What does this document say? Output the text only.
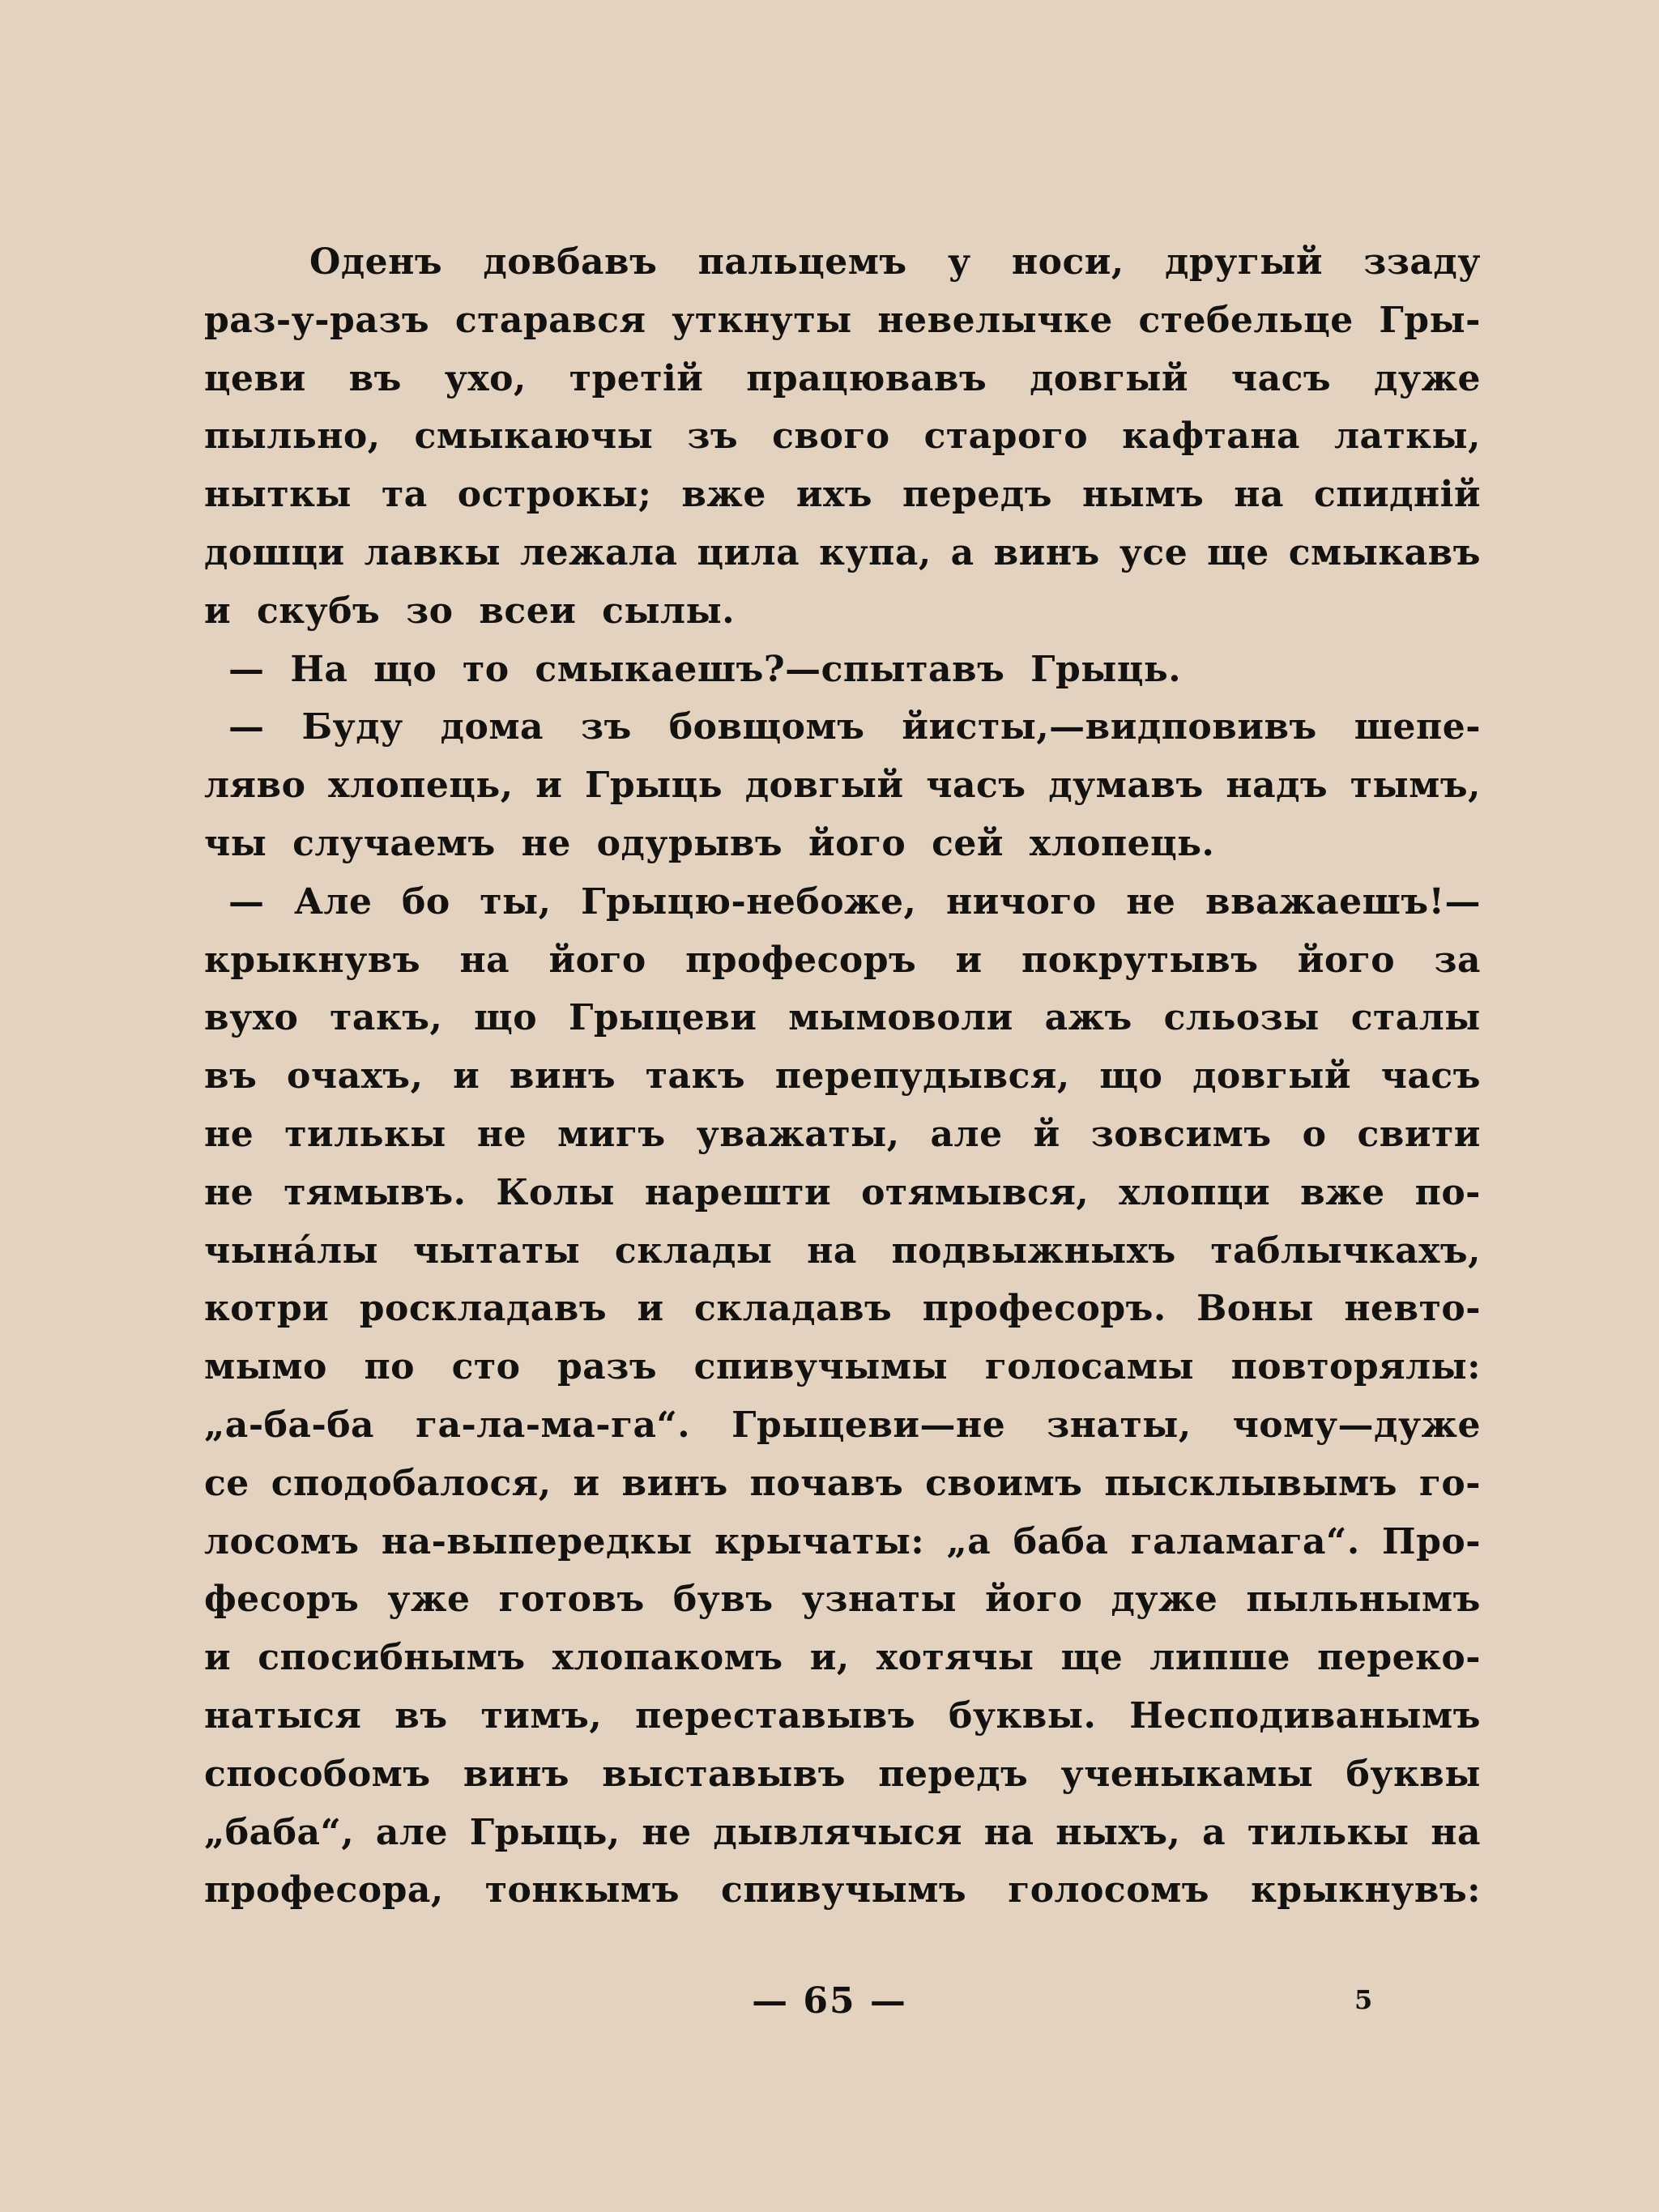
Оденъ довбавъ пальцемъ у носи, другый ззаду
раз-у-разъ старався уткнуты невелычке стебельце Гры-
цеви въ ухо, третій працювавъ довгый часъ дуже
пыльно, смыкаючы зъ свого старого кафтана латкы,
ныткы та острокы; вже ихъ передъ нымъ на спидній
дошци лавкы лежала цила купа, а винъ усе ще смыкавъ
и скубъ зо всеи сылы.
— На що то смыкаешъ?—спытавъ Грыць.
— Буду дома зъ бовщомъ йисты,—видповивъ шепе-
лявo хлопець, и Грыць довгый часъ думавъ надъ тымъ,
чы случаемъ не одурывъ його сей хлопець.
— Але бо ты, Грыцю-небоже, ничого не вважаешъ!—
крыкнувъ на його професоръ и покрутывъ його за
вухо такъ, що Грыцеви мымоволи ажъ сльозы сталы
въ очахъ, и винъ такъ перепудывся, що довгый часъ
не тилькы не мигъ уважаты, але й зовсимъ о свити
не тямывъ. Колы нарешти отямывся, хлопци вже по-
чынáлы чытаты склады на подвыжныхъ таблычкахъ,
котри роскладавъ и складавъ професоръ. Воны невто-
мымо по сто разъ спивучымы голосамы повторялы:
„а-ба-ба га-ла-ма-га“. Грыцеви—не знаты, чому—дуже
се сподобалося, и винъ почавъ своимъ пысклывымъ го-
лосомъ на-выпередкы крычаты: „а баба галамага“. Про-
фесоръ уже готовъ бувъ узнаты його дуже пыльнымъ
и спосибнымъ хлопакомъ и, хотячы ще липше переко-
натыся въ тимъ, переставывъ буквы. Несподиванымъ
способомъ винъ выставывъ передъ ученыкамы буквы
„баба“, але Грыць, не дывлячыся на ныхъ, а тилькы на
професора, тонкымъ спивучымъ голосомъ крыкнувъ:
— 65 —	5
